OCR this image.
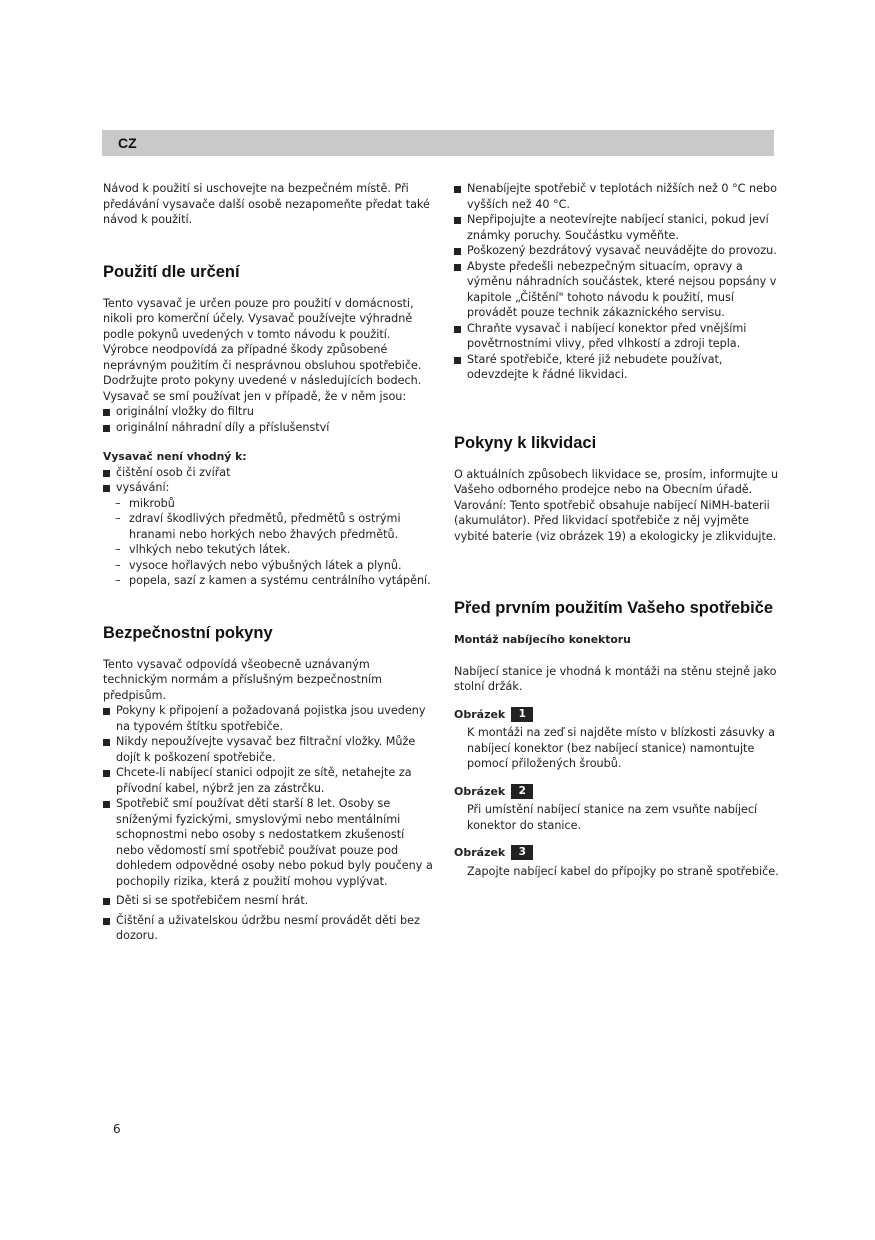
CZ

Návod k použití si uschovejte na bezpečném místě. Při předávání vysavače další osobě nezapomeňte předat také návod k použití.

Použití dle určení

Tento vysavač je určen pouze pro použití v domácnosti, nikoli pro komerční účely. Vysavač používejte výhradně podle pokynů uvedených v tomto návodu k použití. Výrobce neodpovídá za případné škody způsobené neprávným použitím či nesprávnou obsluhou spotřebiče. Dodržujte proto pokyny uvedené v následujících bodech.

Vysavač se smí používat jen v případě, že v něm jsou:

originální vložky do filtru
originální náhradní díly a příslušenství

Vysavač není vhodný k:

čištění osob či zvířat
vysávání:
– mikrobů
– zdraví škodlivých předmětů, předmětů s ostrými hranami nebo horkých nebo žhavých předmětů.
– vlhkých nebo tekutých látek.
– vysoce hořlavých nebo výbušných látek a plynů.
– popela, sazí z kamen a systému centrálního vytápění.
Bezpečnostní pokyny

Tento vysavač odpovídá všeobecně uznávaným technickým normám a příslušným bezpečnostním předpisům.

Pokyny k připojení a požadovaná pojistka jsou uvedeny na typovém štítku spotřebiče.
Nikdy nepoužívejte vysavač bez filtrační vložky. Může dojít k poškození spotřebiče.
Chcete-li nabíjecí stanici odpojit ze sítě, netahejte za přívodní kabel, nýbrž jen za zástrčku.
Spotřebič smí používat děti starší 8 let. Osoby se sníženými fyzickými, smyslovými nebo mentálními schopnostmi nebo osoby s nedostatkem zkušeností nebo vědomostí smí spotřebič používat pouze pod dohledem odpovědné osoby nebo pokud byly poučeny a pochopily rizika, která z použití mohou vyplývat.
Děti si se spotřebičem nesmí hrát.
Čištění a uživatelskou údržbu nesmí provádět děti bez dozoru.
Nenabíjejte spotřebič v teplotách nižších než 0 °C nebo vyšších než 40 °C.
Nepřipojujte a neotevírejte nabíjecí stanici, pokud jeví známky poruchy. Součástku vyměňte.
Poškozený bezdrátový vysavač neuvádějte do provozu.
Abyste předešli nebezpečným situacím, opravy a výměnu náhradních součástek, které nejsou popsány v kapitole „Čištění" tohoto návodu k použití, musí provádět pouze technik zákaznického servisu.
Chraňte vysavač i nabíjecí konektor před vnějšími povětrnostními vlivy, před vlhkostí a zdroji tepla.
Staré spotřebiče, které již nebudete používat, odevzdejte k řádné likvidaci.
Pokyny k likvidaci

O aktuálních způsobech likvidace se, prosím, informujte u Vašeho odborného prodejce nebo na Obecním úřadě.

Varování: Tento spotřebič obsahuje nabíjecí NiMH-baterii (akumulátor). Před likvidací spotřebiče z něj vyjměte vybité baterie (viz obrázek 19) a ekologicky je zlikvidujte.

Před prvním použitím Vašeho spotřebiče

Montáž nabíjecího konektoru

Nabíjecí stanice je vhodná k montáži na stěnu stejně jako stolní držák.

Obrázek	1

K montáži na zeď si najděte místo v blízkosti zásuvky a nabíjecí konektor (bez nabíjecí stanice) namontujte pomocí přiložených šroubů.

Obrázek	2

Při umístění nabíjecí stanice na zem vsuňte nabíjecí konektor do stanice.

Obrázek	3

Zapojte nabíjecí kabel do přípojky po straně spotřebiče.

6
